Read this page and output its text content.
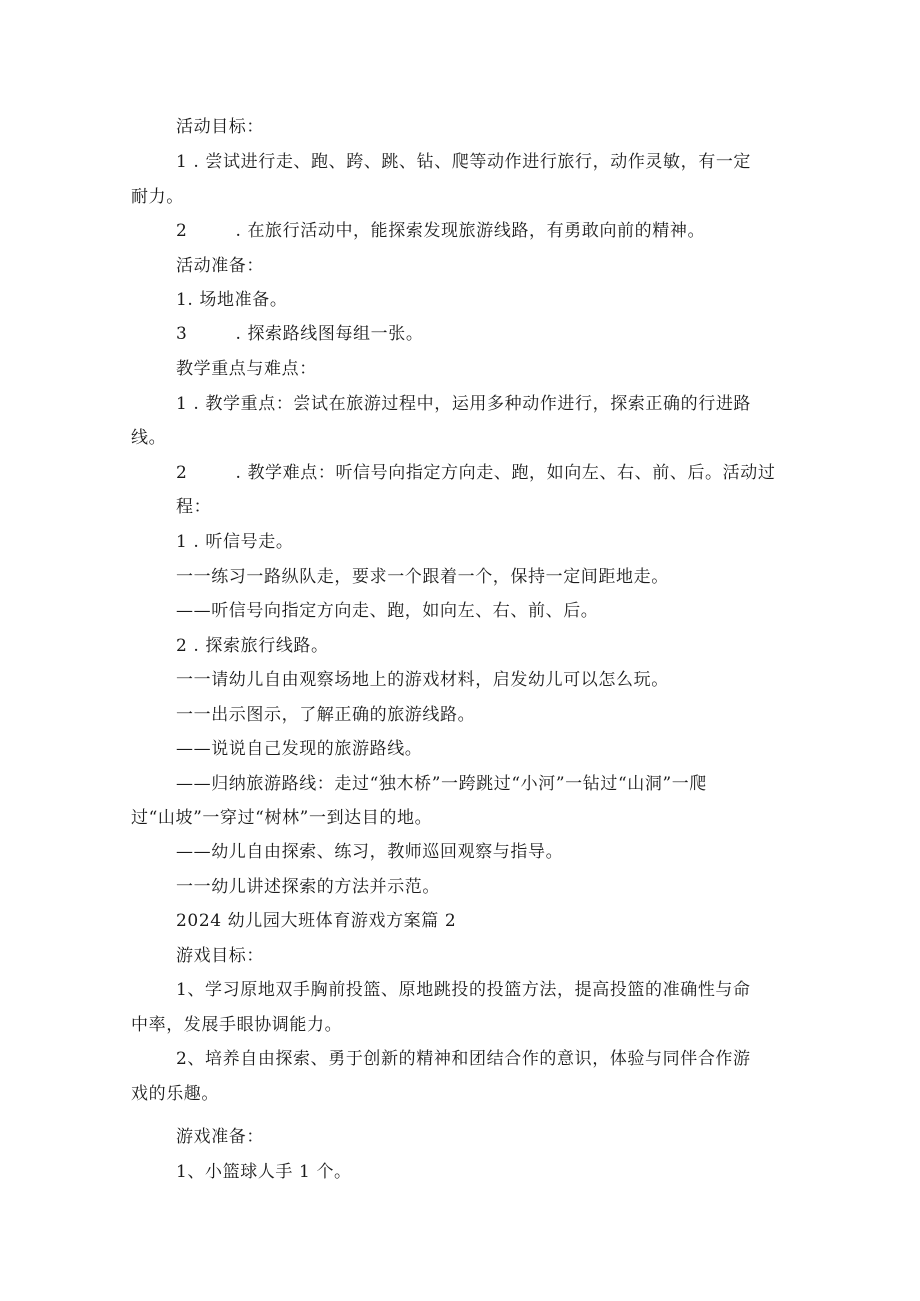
活动目标：
1 . 尝试进行走、跑、跨、跳、钻、爬等动作进行旅行，动作灵敏，有一定
耐力。
2        . 在旅行活动中，能探索发现旅游线路，有勇敢向前的精神。
活动准备：
1. 场地准备。
3        . 探索路线图每组一张。
教学重点与难点：
1 . 教学重点：尝试在旅游过程中，运用多种动作进行，探索正确的行进路
线。
2        . 教学难点：听信号向指定方向走、跑，如向左、右、前、后。活动过
程：
1 . 听信号走。
一一练习一路纵队走，要求一个跟着一个，保持一定间距地走。
——听信号向指定方向走、跑，如向左、右、前、后。
2 . 探索旅行线路。
一一请幼儿自由观察场地上的游戏材料，启发幼儿可以怎么玩。
一一出示图示，了解正确的旅游线路。
——说说自己发现的旅游路线。
——归纳旅游路线：走过“独木桥”一跨跳过“小河”一钻过“山洞”一爬
过“山坡”一穿过“树林”一到达目的地。
——幼儿自由探索、练习，教师巡回观察与指导。
一一幼儿讲述探索的方法并示范。
2024 幼儿园大班体育游戏方案篇 2
游戏目标：
1、学习原地双手胸前投篮、原地跳投的投篮方法，提高投篮的准确性与命
中率，发展手眼协调能力。
2、培养自由探索、勇于创新的精神和团结合作的意识，体验与同伴合作游
戏的乐趣。
游戏准备：
1、小篮球人手 1 个。
